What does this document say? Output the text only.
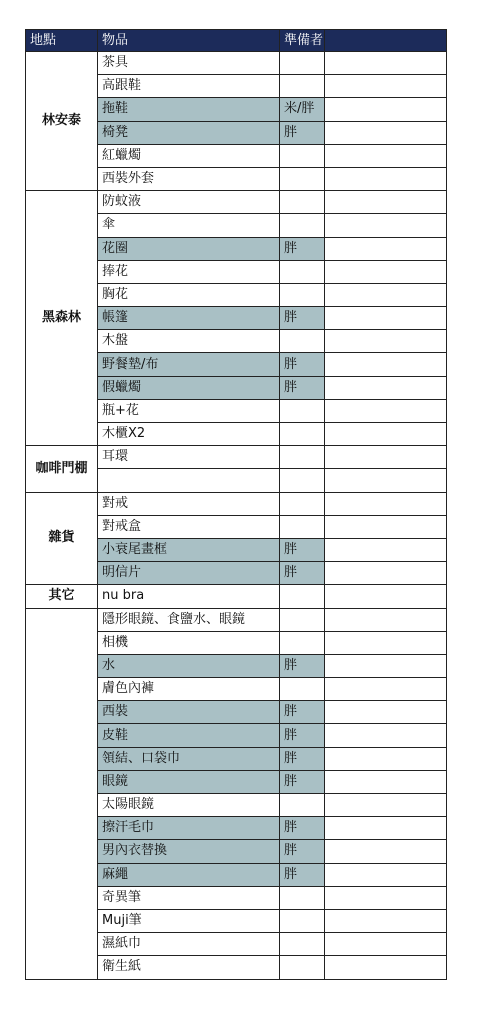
地點	物品	準備者	
林安泰	茶具		
	高跟鞋		
	拖鞋	米/胖	
	椅凳	胖	
	紅蠟燭		
	西裝外套		
黑森林	防蚊液		
	傘		
	花圈	胖	
	捧花		
	胸花		
	帳篷	胖	
	木盤		
	野餐墊/布	胖	
	假蠟燭	胖	
	瓶+花		
	木櫃X2		
咖啡門棚	耳環		

雜貨	對戒		
	對戒盒		
	小衰尾畫框	胖	
	明信片	胖	
其它	nu bra		
	隱形眼鏡、食鹽水、眼鏡		
	相機		
	水	胖	
	膚色內褲		
	西裝	胖	
	皮鞋	胖	
	領結、口袋巾	胖	
	眼鏡	胖	
	太陽眼鏡		
	擦汗毛巾	胖	
	男內衣替換	胖	
	麻繩	胖	
	奇異筆		
	Muji筆		
	濕紙巾		
	衛生紙		
